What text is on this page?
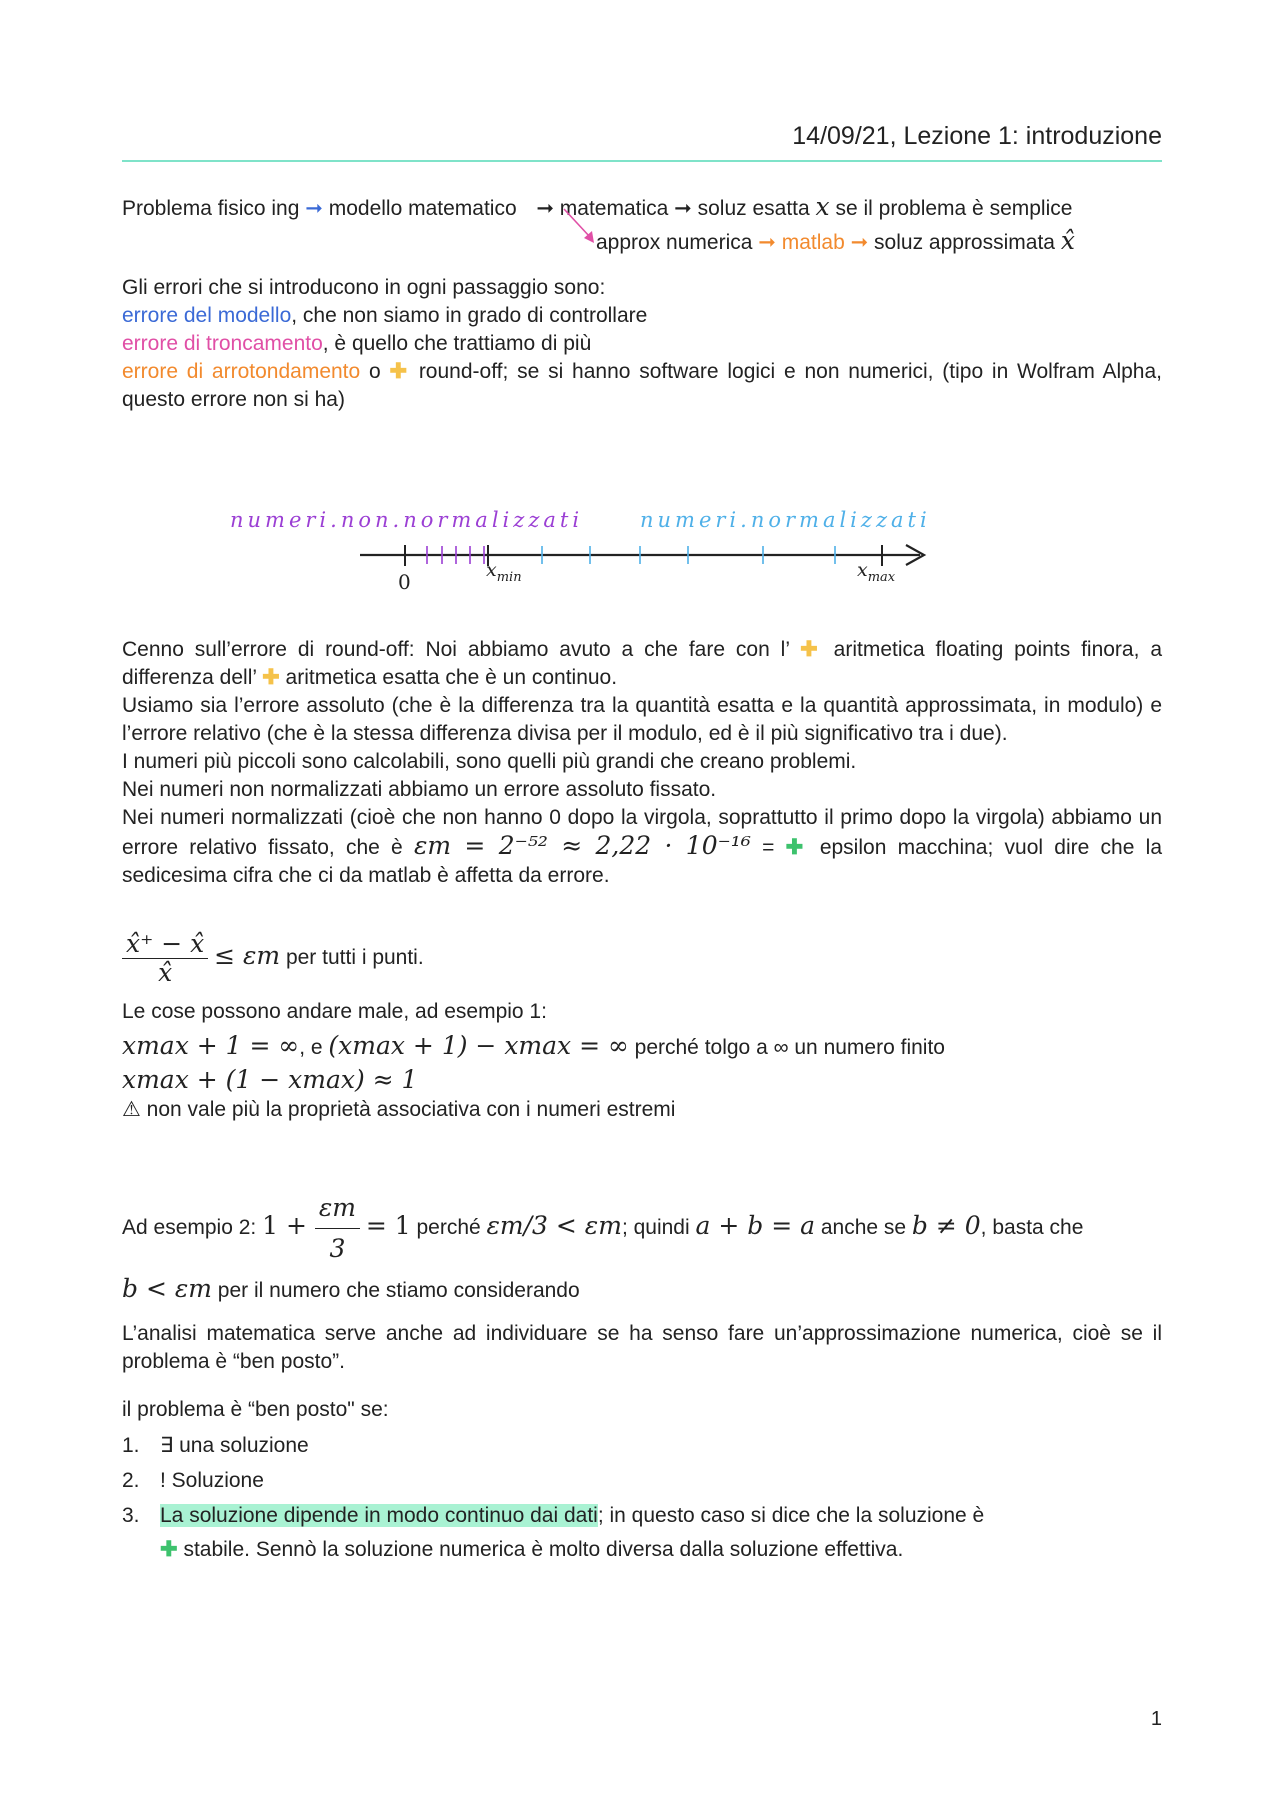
14/09/21, Lezione 1: introduzione
Problema fisico ing ➞ modello matematico ➞ matematica ➞ soluz esatta x se il problema è semplice
approx numerica ➞ matlab ➞ soluz approssimata x̂
Gli errori che si introducono in ogni passaggio sono:
errore del modello, che non siamo in grado di controllare
errore di troncamento, è quello che trattiamo di più
errore di arrotondamento o ✚ round-off; se si hanno software logici e non numerici, (tipo in Wolfram Alpha, questo errore non si ha)
numeri.non.normalizzati	numeri.normalizzati
0	$x_{min}$	$x_{max}$
Cenno sull’errore di round-off: Noi abbiamo avuto a che fare con l’ ✚ aritmetica floating points finora, a differenza dell’ ✚ aritmetica esatta che è un continuo.
Usiamo sia l’errore assoluto (che è la differenza tra la quantità esatta e la quantità approssimata, in modulo) e l’errore relativo (che è la stessa differenza divisa per il modulo, ed è il più significativo tra i due).
I numeri più piccoli sono calcolabili, sono quelli più grandi che creano problemi.
Nei numeri non normalizzati abbiamo un errore assoluto fissato.
Nei numeri normalizzati (cioè che non hanno 0 dopo la virgola, soprattutto il primo dopo la virgola) abbiamo un errore relativo fissato, che è εm = 2⁻⁵² ≈ 2,22 · 10⁻¹⁶ = ✚ epsilon macchina; vuol dire che la sedicesima cifra che ci da matlab è affetta da errore.
$\frac{x̂^+ - x̂}{x̂} \le \varepsilon m$ per tutti i punti.
Le cose possono andare male, ad esempio 1:
xmax + 1 = ∞, e (xmax + 1) − xmax = ∞ perché tolgo a ∞ un numero finito
xmax + (1 − xmax) ≈ 1
⚠ non vale più la proprietà associativa con i numeri estremi
Ad esempio 2: $1 + \frac{\varepsilon m}{3} = 1$ perché εm/3 < εm; quindi a + b = a anche se b ≠ 0, basta che
b < εm per il numero che stiamo considerando
L’analisi matematica serve anche ad individuare se ha senso fare un’approssimazione numerica, cioè se il problema è “ben posto”.
il problema è “ben posto" se:
1. ∃ una soluzione
2. ! Soluzione
3. La soluzione dipende in modo continuo dai dati; in questo caso si dice che la soluzione è
✚ stabile. Sennò la soluzione numerica è molto diversa dalla soluzione effettiva.
1
